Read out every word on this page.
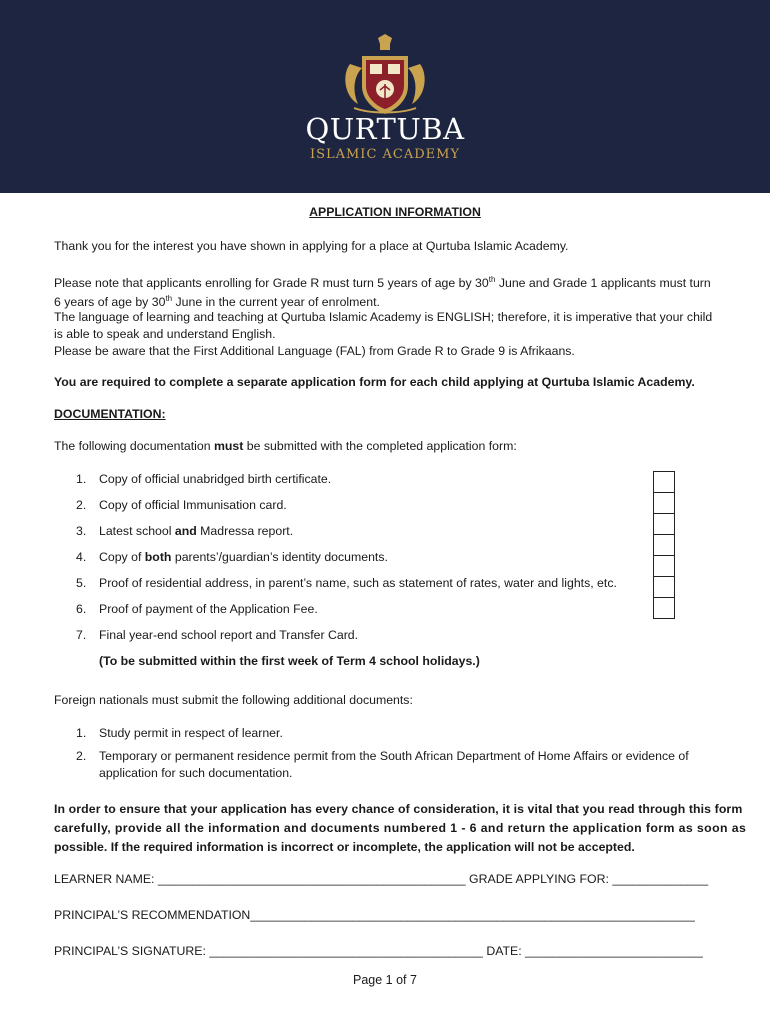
QURTUBA
ISLAMIC ACADEMY
APPLICATION INFORMATION
Thank you for the interest you have shown in applying for a place at Qurtuba Islamic Academy.
Please note that applicants enrolling for Grade R must turn 5 years of age by 30th June and Grade 1 applicants must turn
6 years of age by 30th June in the current year of enrolment.
The language of learning and teaching at Qurtuba Islamic Academy is ENGLISH; therefore, it is imperative that your child
is able to speak and understand English.
Please be aware that the First Additional Language (FAL) from Grade R to Grade 9 is Afrikaans.
You are required to complete a separate application form for each child applying at Qurtuba Islamic Academy.
DOCUMENTATION:
The following documentation must be submitted with the completed application form:
1. Copy of official unabridged birth certificate.
2. Copy of official Immunisation card.
3. Latest school and Madressa report.
4. Copy of both parents’/guardian’s identity documents.
5. Proof of residential address, in parent’s name, such as statement of rates, water and lights, etc.
6. Proof of payment of the Application Fee.
7. Final year-end school report and Transfer Card.
(To be submitted within the first week of Term 4 school holidays.)
Foreign nationals must submit the following additional documents:
1. Study permit in respect of learner.
2. Temporary or permanent residence permit from the South African Department of Home Affairs or evidence of
application for such documentation.
In order to ensure that your application has every chance of consideration, it is vital that you read through this form
carefully, provide all the information and documents numbered 1 - 6 and return the application form as soon as
possible. If the required information is incorrect or incomplete, the application will not be accepted.
LEARNER NAME: _____________________________________________ GRADE APPLYING FOR: ______________
PRINCIPAL’S RECOMMENDATION_________________________________________________________________
PRINCIPAL’S SIGNATURE: ________________________________________ DATE: __________________________
Page 1 of 7
